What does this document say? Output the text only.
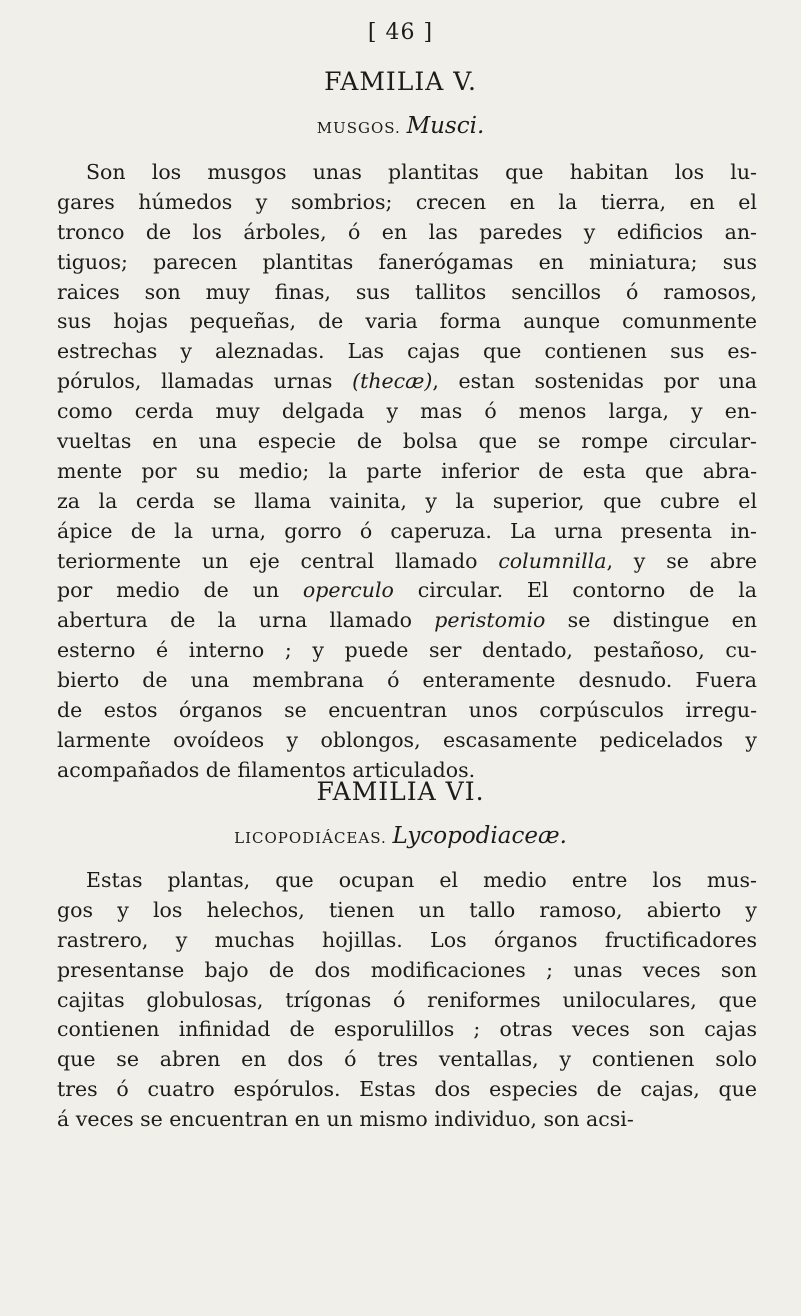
[ 46 ]
FAMILIA V.
MUSGOS. Musci.
Son los musgos unas plantitas que habitan los lu-
gares húmedos y sombrios; crecen en la tierra, en el
tronco de los árboles, ó en las paredes y edificios an-
tiguos; parecen plantitas fanerógamas en miniatura; sus
raices son muy finas, sus tallitos sencillos ó ramosos,
sus hojas pequeñas, de varia forma aunque comunmente
estrechas y aleznadas. Las cajas que contienen sus es-
pórulos, llamadas urnas (thecæ), estan sostenidas por una
como cerda muy delgada y mas ó menos larga, y en-
vueltas en una especie de bolsa que se rompe circular-
mente por su medio; la parte inferior de esta que abra-
za la cerda se llama vainita, y la superior, que cubre el
ápice de la urna, gorro ó caperuza. La urna presenta in-
teriormente un eje central llamado columnilla, y se abre
por medio de un operculo circular. El contorno de la
abertura de la urna llamado peristomio se distingue en
esterno é interno ; y puede ser dentado, pestañoso, cu-
bierto de una membrana ó enteramente desnudo. Fuera
de estos órganos se encuentran unos corpúsculos irregu-
larmente ovoídeos y oblongos, escasamente pedicelados y
acompañados de filamentos articulados.
FAMILIA VI.
LICOPODIÁCEAS. Lycopodiaceæ.
Estas plantas, que ocupan el medio entre los mus-
gos y los helechos, tienen un tallo ramoso, abierto y
rastrero, y muchas hojillas. Los órganos fructificadores
presentanse bajo de dos modificaciones ; unas veces son
cajitas globulosas, trígonas ó reniformes uniloculares, que
contienen infinidad de esporulillos ; otras veces son cajas
que se abren en dos ó tres ventallas, y contienen solo
tres ó cuatro espórulos. Estas dos especies de cajas, que
á veces se encuentran en un mismo individuo, son acsi-
